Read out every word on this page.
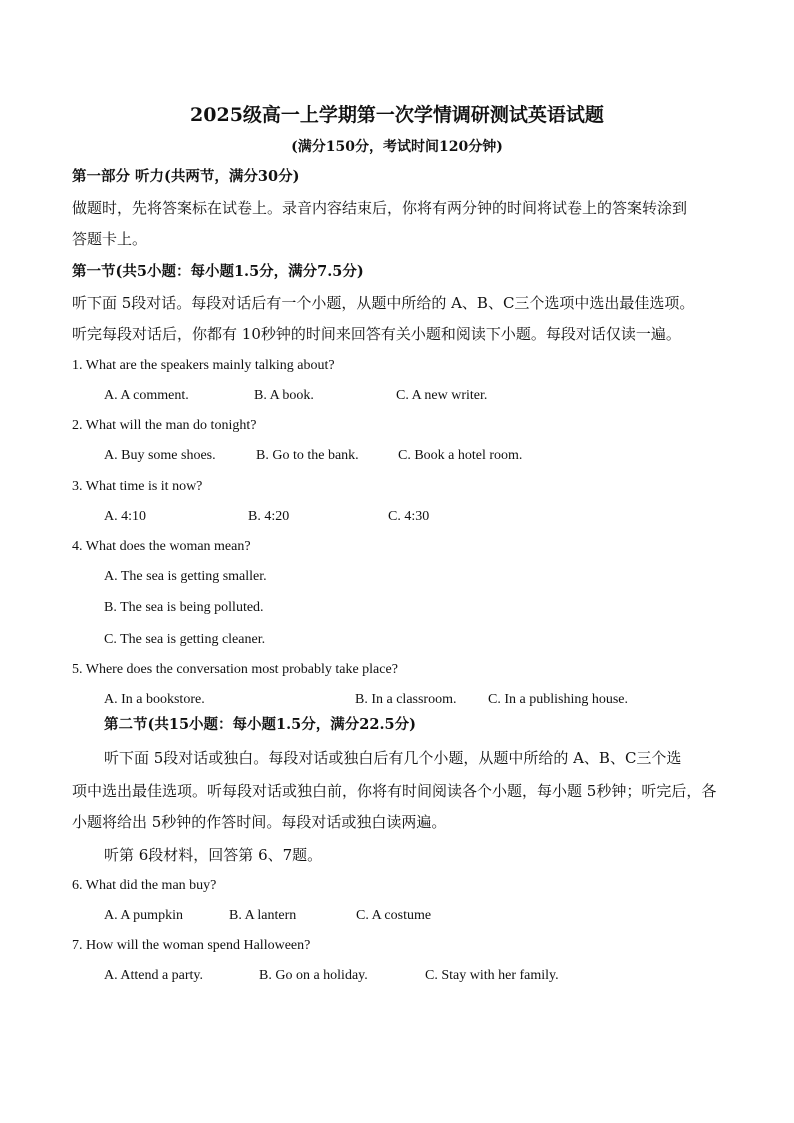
2025级高一上学期第一次学情调研测试英语试题
(满分150分，考试时间120分钟)
第一部分 听力(共两节，满分30分)
做题时，先将答案标在试卷上。录音内容结束后，你将有两分钟的时间将试卷上的答案转涂到
答题卡上。
第一节(共5小题：每小题1.5分，满分7.5分)
听下面 5段对话。每段对话后有一个小题，从题中所给的 A、B、C三个选项中选出最佳选项。
听完每段对话后，你都有 10秒钟的时间来回答有关小题和阅读下小题。每段对话仅读一遍。
1. What are the speakers mainly talking about?
A. A comment.	B. A book.	C. A new writer.
2. What will the man do tonight?
A. Buy some shoes.	B. Go to the bank.	C. Book a hotel room.
3. What time is it now?
A. 4:10	B. 4:20	C. 4:30
4. What does the woman mean?
A. The sea is getting smaller.
B. The sea is being polluted.
C. The sea is getting cleaner.
5. Where does the conversation most probably take place?
A. In a bookstore.	B. In a classroom. C. In a publishing house.
第二节(共15小题：每小题1.5分，满分22.5分)
听下面 5段对话或独白。每段对话或独白后有几个小题，从题中所给的 A、B、C三个选
项中选出最佳选项。听每段对话或独白前，你将有时间阅读各个小题，每小题 5秒钟；听完后，各
小题将给出 5秒钟的作答时间。每段对话或独白读两遍。
听第 6段材料，回答第 6、7题。
6. What did the man buy?
A. A pumpkin	B. A lantern	C. A costume
7. How will the woman spend Halloween?
A. Attend a party.	B. Go on a holiday.	C. Stay with her family.
